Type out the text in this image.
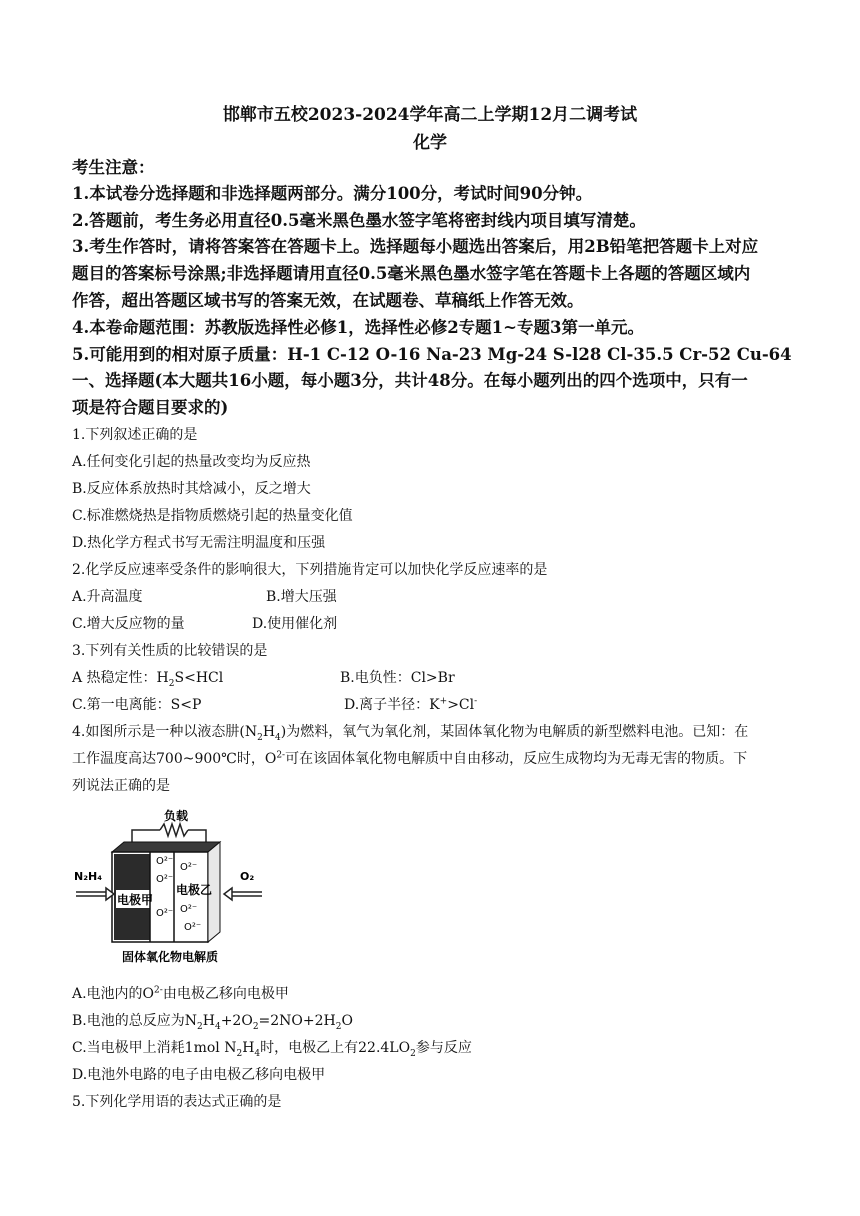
邯郸市五校2023-2024学年高二上学期12月二调考试
化学
考生注意：
1.本试卷分选择题和非选择题两部分。满分100分，考试时间90分钟。
2.答题前，考生务必用直径0.5毫米黑色墨水签字笔将密封线内项目填写清楚。
3.考生作答时，请将答案答在答题卡上。选择题每小题选出答案后，用2B铅笔把答题卡上对应
题目的答案标号涂黑;非选择题请用直径0.5毫米黑色墨水签字笔在答题卡上各题的答题区域内
作答，超出答题区域书写的答案无效，在试题卷、草稿纸上作答无效。
4.本卷命题范围：苏教版选择性必修1，选择性必修2专题1~专题3第一单元。
5.可能用到的相对原子质量：H-1 C-12 O-16 Na-23 Mg-24 S-l28 Cl-35.5 Cr-52 Cu-64
一、选择题(本大题共16小题，每小题3分，共计48分。在每小题列出的四个选项中，只有一
项是符合题目要求的)
1.下列叙述正确的是
A.任何变化引起的热量改变均为反应热
B.反应体系放热时其焓减小，反之增大
C.标准燃烧热是指物质燃烧引起的热量变化值
D.热化学方程式书写无需注明温度和压强
2.化学反应速率受条件的影响很大，下列措施肯定可以加快化学反应速率的是
A.升高温度	B.增大压强
C.增大反应物的量	D.使用催化剂
3.下列有关性质的比较错误的是
A 热稳定性：$H_2S<HCl$	B.电负性：Cl>Br
C.第一电离能：S<P	D.离子半径：K+>Cl-
4.如图所示是一种以液态肼$(N_2H_4)$为燃料，氧气为氧化剂，某固体氧化物为电解质的新型燃料电池。已知：在
工作温度高达700~900℃时，$O^{2-}$可在该固体氧化物电解质中自由移动，反应生成物均为无毒无害的物质。下
列说法正确的是
负载
电极甲
电极乙
O²⁻
O²⁻
O²⁻
O²⁻ O²⁻
O²⁻
N₂H₄	O₂
固体氧化物电解质
A.电池内的$O^{2-}$由电极乙移向电极甲
B.电池的总反应为$N_2H_4+2O_2=2NO+2H_2O$
C.当电极甲上消耗1mol $N_2H_4$时，电极乙上有$22.4LO_2$参与反应
D.电池外电路的电子由电极乙移向电极甲
5.下列化学用语的表达式正确的是
